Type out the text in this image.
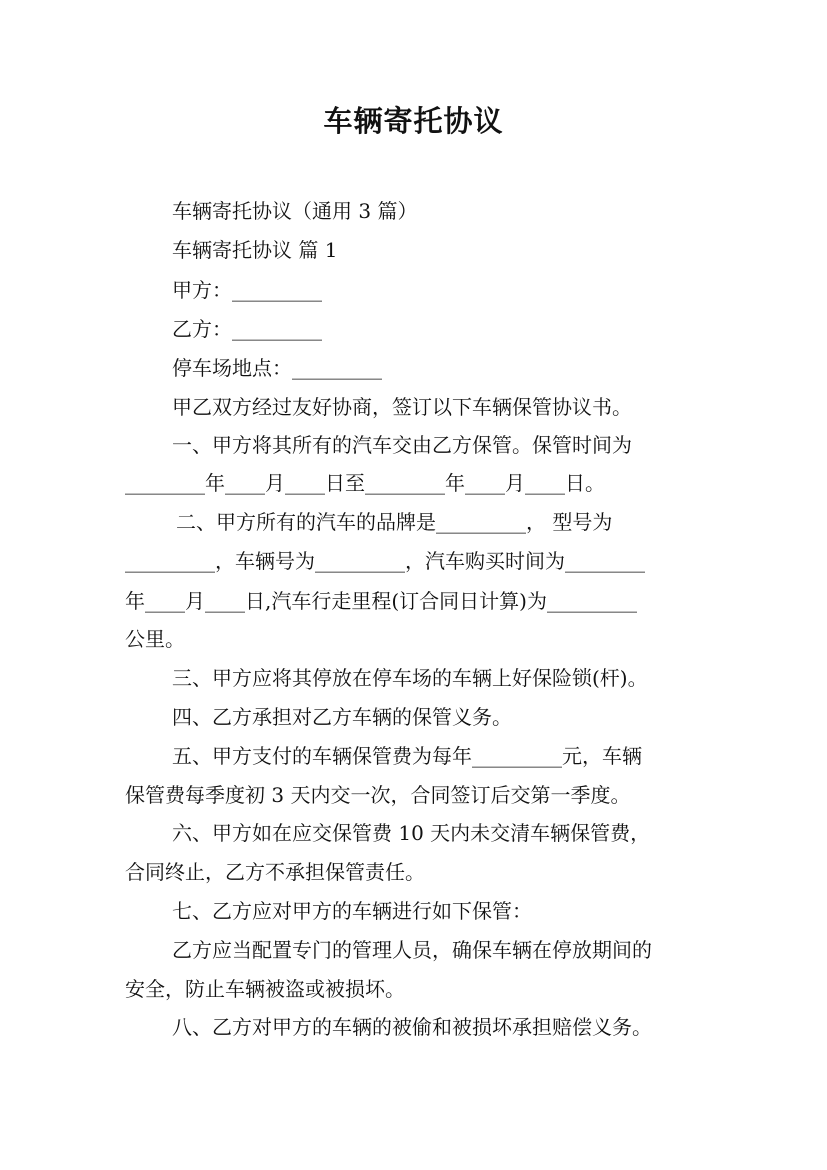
车辆寄托协议
车辆寄托协议（通用 3 篇）
车辆寄托协议 篇 1
甲方：_________
乙方：_________
停车场地点：_________
甲乙双方经过友好协商，签订以下车辆保管协议书。
一、甲方将其所有的汽车交由乙方保管。保管时间为
________年____月____日至________年____月____日。
二、甲方所有的汽车的品牌是_________， 型号为
_________，车辆号为_________，汽车购买时间为________
年____月____日,汽车行走里程(订合同日计算)为_________
公里。
三、甲方应将其停放在停车场的车辆上好保险锁(杆)。
四、乙方承担对乙方车辆的保管义务。
五、甲方支付的车辆保管费为每年_________元，车辆
保管费每季度初 3 天内交一次，合同签订后交第一季度。
六、甲方如在应交保管费 10 天内未交清车辆保管费，
合同终止，乙方不承担保管责任。
七、乙方应对甲方的车辆进行如下保管：
乙方应当配置专门的管理人员，确保车辆在停放期间的
安全，防止车辆被盗或被损坏。
八、乙方对甲方的车辆的被偷和被损坏承担赔偿义务。
